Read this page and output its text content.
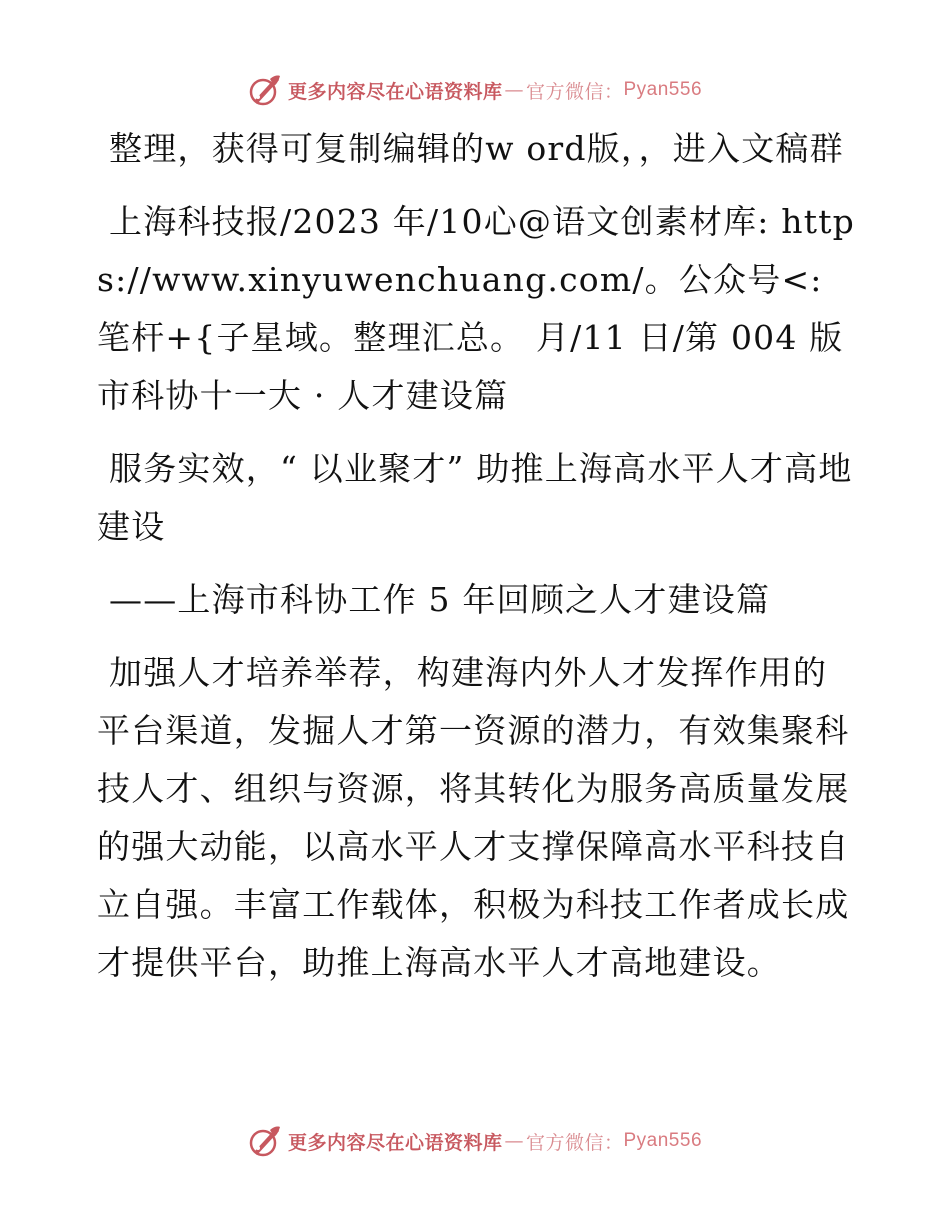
更多内容尽在心语资料库 — 官方微信： Pyan556

整理，获得可复制编辑的w ord版，，进入文稿群

上海科技报/2023 年/10心@语文创素材库: https://www.xinyuwenchuang.com/。公众号<: 笔杆+{子星域。整理汇总。 月/11 日/第 004 版市科协十一大 · 人才建设篇

服务实效，“ 以业聚才” 助推上海高水平人才高地建设

——上海市科协工作 5 年回顾之人才建设篇

加强人才培养举荐，构建海内外人才发挥作用的平台渠道，发掘人才第一资源的潜力，有效集聚科技人才、组织与资源，将其转化为服务高质量发展的强大动能，以高水平人才支撑保障高水平科技自立自强。丰富工作载体，积极为科技工作者成长成才提供平台，助推上海高水平人才高地建设。

更多内容尽在心语资料库 — 官方微信： Pyan556
